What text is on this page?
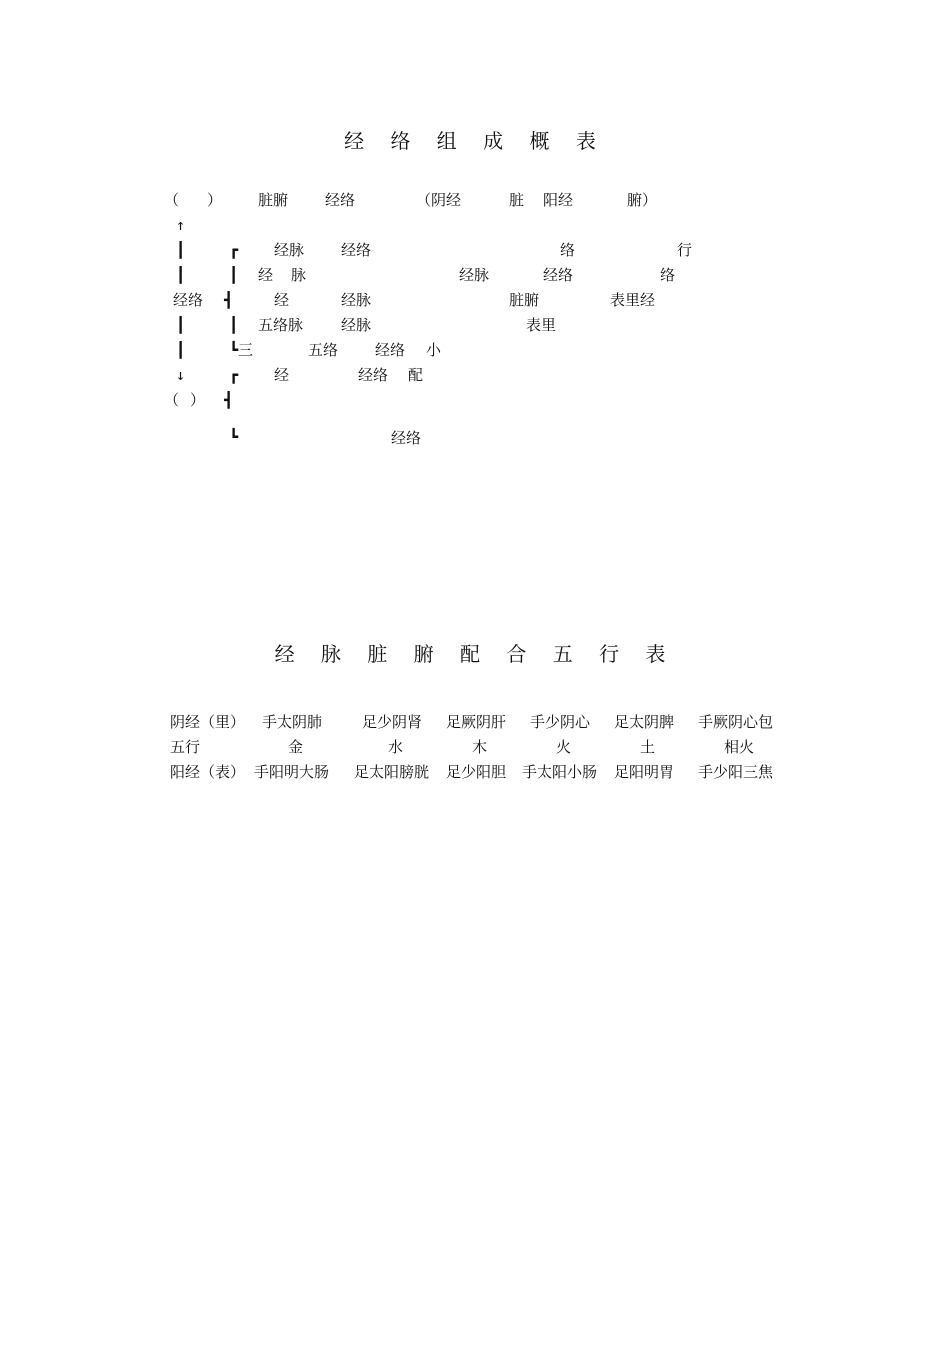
经 络 组 成 概 表
（ ） 脏腑 经络	（阴经	脏 阳经	腑）
↑
┃	┏ 经脉 经络	络	行
┃	┃ 经 脉	经脉	经络	络
经络 ┫	经	经脉	脏腑	表里经
┃	┃ 五络脉	经脉	表里
┃	┗三	五络 经络 小
↓	┏ 经	经络 配
（ ） ┫
┗	经络
经 脉 脏 腑 配 合 五 行 表
阴经（里） 手太阴肺	足少阴肾 足厥阴肝 手少阴心 足太阴脾 手厥阴心包
五行	金	水	木	火	土	相火
阳经（表） 手阳明大肠 足太阳膀胱 足少阳胆 手太阳小肠 足阳明胃 手少阳三焦
